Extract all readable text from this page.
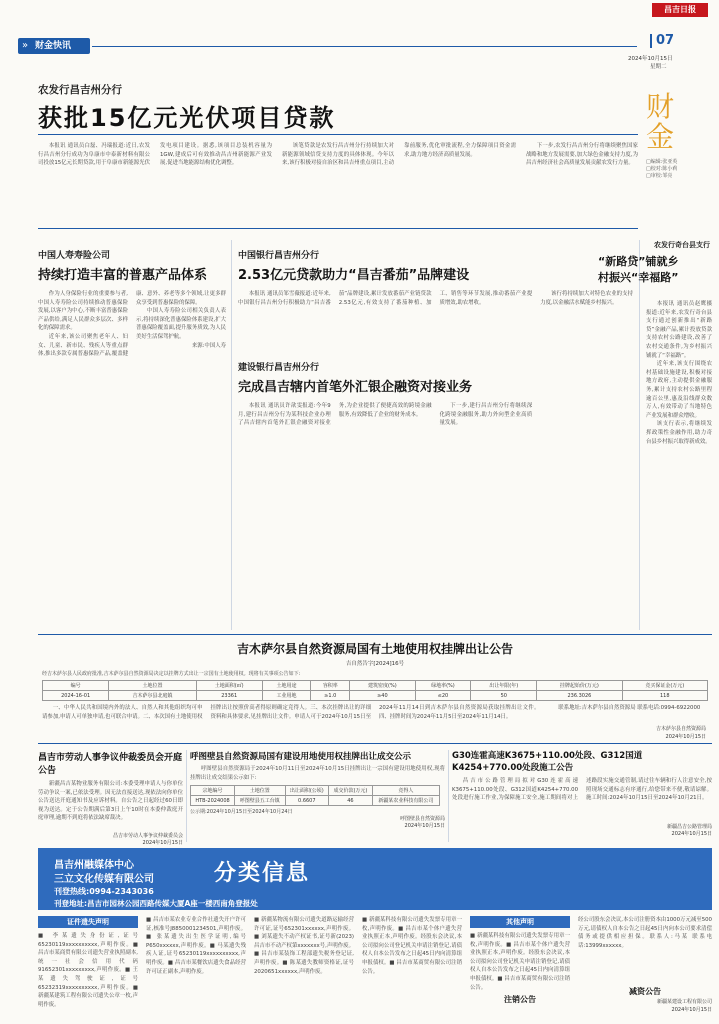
» 财金快讯
昌吉日报
07
2024年10月15日
星期二
农发行昌吉州分行
获批15亿元光伏项目贷款

本报讯 通讯员白磊、冯瑞报道:近日,农发行昌吉州分行成功为阜康市中泰新材料有限公司投放15亿元长期贷款,用于阜康市新能源光伏发电项目建设。据悉,该项目总装机容量为1GW,建成后可有效推动昌吉州新能源产业发展,促进当地能源结构优化调整。

该笔贷款是农发行昌吉州分行持续加大对新能源领域信贷支持力度的具体体现。今年以来,该行积极对接自治区和昌吉州重点项目,主动靠前服务,优化审批流程,全力保障项目资金需求,助力地方经济高质量发展。

下一步,农发行昌吉州分行将继续聚焦国家战略和地方发展需要,加大绿色金融支持力度,为昌吉州经济社会高质量发展贡献农发行力量。

财金
□编辑:张亚英
□校对:陈小莉
□审校:邹亮
中国人寿寿险公司
持续打造丰富的普惠产品体系

作为人身保险行业的重要参与者,中国人寿寿险公司持续推动普惠保险发展,以客户为中心,不断丰富普惠保险产品供给,满足人民群众多层次、多样化的保障需求。

近年来,该公司聚焦老年人、妇女、儿童、新市民、残疾人等重点群体,推出多款专属普惠保险产品,覆盖健康、意外、养老等多个领域,让更多群众享受到普惠保险的保障。

中国人寿寿险公司相关负责人表示,将持续深化普惠保险体系建设,扩大普惠保险覆盖面,提升服务质效,为人民美好生活保驾护航。

来源:中国人寿

中国银行昌吉州分行
2.53亿元贷款助力“昌吉番茄”品牌建设

本报讯 通讯员邹雪薇报道:近年来,中国银行昌吉州分行积极助力“昌吉番茄”品牌建设,累计发放番茄产业链贷款2.53亿元,有效支持了番茄种植、加工、销售等环节发展,推动番茄产业提质增效,助农增收。

该行将持续加大对特色农业的支持力度,以金融活水赋能乡村振兴。

建设银行昌吉州分行
完成昌吉辖内首笔外汇银企融资对接业务

本报讯 通讯员许歆雯报道:今年9月,建行昌吉州分行为某科技企业办理了昌吉辖内首笔外汇银企融资对接业务,为企业提供了便捷高效的跨境金融服务,有效降低了企业的财务成本。

下一步,建行昌吉州分行将继续深化跨境金融服务,助力外向型企业高质量发展。

农发行奇台县支行
“新路贷”铺就乡
村振兴“幸福路”

本报讯 通讯员赵鹰摄报道:近年来,农发行奇台县支行通过创新推出“新路贷”金融产品,累计投放贷款支持农村公路建设,改善了农村交通条件,为乡村振兴铺就了“幸福路”。

近年来,该支行围绕农村基础设施建设,积极对接地方政府,主动提供金融服务,累计支持农村公路里程逾百公里,惠及沿线群众数万人,有效带动了当地特色产业发展和群众增收。

该支行表示,将继续发挥政策性金融作用,助力奇台县乡村振兴取得新成效。

吉木萨尔县自然资源局国有土地使用权挂牌出让公告
吉自然告字[2024]16号
经吉木萨尔县人民政府批准,吉木萨尔县自然资源局决定以挂牌方式出让一宗国有土地使用权。现将有关事项公告如下:
编号	土地位置	土地面积(㎡)	土地用途	容积率	建筑密度(%)	绿地率(%)	出让年限(年)	挂牌起始价(万元)	竞买保证金(万元)
2024-16-01	吉木萨尔县北庭镇	23361	工业用地	≥1.0	≥40	≤20	50	236.3026	118

一、中华人民共和国境内外的法人、自然人和其他组织均可申请参加,申请人可单独申请,也可联合申请。二、本次国有土地使用权挂牌出让按照价高者得原则确定竞得人。三、本次挂牌出让的详细资料和具体要求,见挂牌出让文件。申请人可于2024年10月15日至2024年11月14日到吉木萨尔县自然资源局获取挂牌出让文件。四、挂牌时间为2024年11月5日至2024年11月14日。

联系地址:吉木萨尔县自然资源局 联系电话:0994-6922000

吉木萨尔县自然资源局
2024年10月15日
昌吉市劳动人事争议仲裁委员会开庭公告
新疆昌吉某物业服务有限公司:本委受理申请人与你单位劳动争议一案,已依法受理。因无法直接送达,现依法向你单位公告送达开庭通知书及应诉材料。自公告之日起经过60日即视为送达。定于公告期满后第3日上午10时在本委仲裁庭开庭审理,逾期不到庭将依法缺席裁决。
昌吉市劳动人事争议仲裁委员会
2024年10月15日
呼图壁县自然资源局国有建设用地使用权挂牌出让成交公示
呼图壁县自然资源局于2024年10月11日至2024年10月15日挂牌出让一宗国有建设用地使用权,现将挂牌出让成交结果公示如下:
宗地编号	土地位置	出让面积(公顷)	成交价款(万元)	竞得人
HTB-2024008	呼图壁县五工台镇	0.6607	46	新疆某农业科技有限公司
公示期:2024年10月15日至2024年10月24日
呼图壁县自然资源局
2024年10月15日
G30连霍高速K3675+110.00处段、G312国道K4254+770.00处段施工公告
昌吉市公路管理局拟对G30连霍高速K3675+110.00处段、G312国道K4254+770.00处段进行施工作业,为保障施工安全,施工期间将对上述路段实施交通管制,请过往车辆和行人注意安全,按照现场交通标志有序通行,给您带来不便,敬请谅解。施工时间:2024年10月15日至2024年10月21日。
新疆昌吉公路管理局
2024年10月15日
昌吉州融媒体中心
三立文化传媒有限公司	分类信息
刊登热线:0994-2343036
刊登地址:昌吉市园林公园西路传媒大厦A座一楼西南角登报处
证件遗失声明
■ 李某遗失身份证,证号65230119xxxxxxxxxx,声明作废。■ 昌吉市某商贸有限公司遗失营业执照副本,统一社会信用代码91652301xxxxxxxxx,声明作废。■ 王某遗失驾驶证,证号65232319xxxxxxxxxx,声明作废。■ 新疆某建筑工程有限公司遗失公章一枚,声明作废。
■ 昌吉市某农业专业合作社遗失开户许可证,核准号J8850001234501,声明作废。■ 张某遗失出生医学证明,编号P650xxxxxx,声明作废。■ 马某遗失残疾人证,证号65230119xxxxxxxxxx,声明作废。■ 昌吉市某餐饮店遗失食品经营许可证正副本,声明作废。
■ 新疆某物流有限公司遗失道路运输经营许可证,证号652301xxxxxx,声明作废。■ 刘某遗失不动产权证书,证号新(2023)昌吉市不动产权第xxxxxxx号,声明作废。■ 昌吉市某装饰工程部遗失税务登记证,声明作废。■ 陈某遗失教师资格证,证号2020651xxxxxx,声明作废。
■ 新疆某科技有限公司遗失发票专用章一枚,声明作废。■ 昌吉市某个体户遗失营业执照正本,声明作废。经股东会决议,本公司拟向公司登记机关申请注销登记,请债权人自本公告发布之日起45日内向清算组申报债权。■ 昌吉市某商贸有限公司注销公告。
其他声明
注销公告

■ 新疆某科技有限公司遗失发票专用章一枚,声明作废。■ 昌吉市某个体户遗失营业执照正本,声明作废。经股东会决议,本公司拟向公司登记机关申请注销登记,请债权人自本公告发布之日起45日内向清算组申报债权。■ 昌吉市某商贸有限公司注销公告。	减资公告
经公司股东会决议,本公司注册资本由1000万元减至500万元,请债权人自本公告之日起45日内向本公司要求清偿债务或提供相应担保。联系人:马某 联系电话:13999xxxxxx。
新疆某建设工程有限公司
2024年10月15日
